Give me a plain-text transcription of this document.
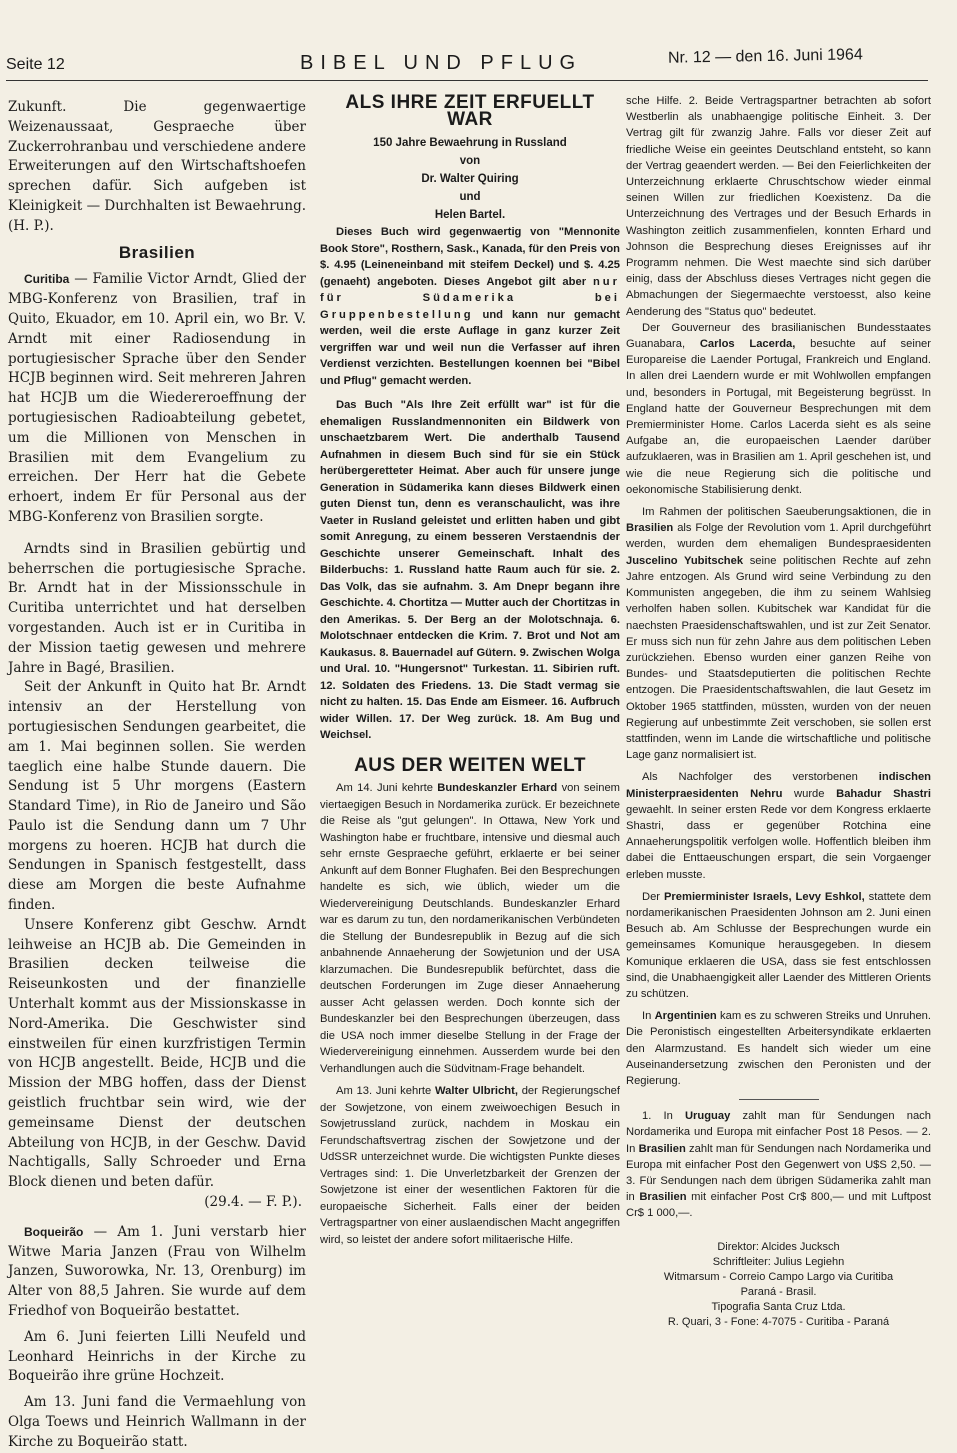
Seite 12	BIBEL UND PFLUG	Nr. 12 — den 16. Juni 1964

Zukunft. Die gegenwaertige Weizenaussaat, Gespraeche über Zuckerrohranbau und verschiedene andere Erweiterungen auf den Wirtschaftshoefen sprechen dafür. Sich aufgeben ist Kleinigkeit — Durchhalten ist Bewaehrung. (H. P.).

Brasilien

Curitiba — Familie Victor Arndt, Glied der MBG-Konferenz von Brasilien, traf in Quito, Ekuador, em 10. April ein, wo Br. V. Arndt mit einer Radiosendung in portugiesischer Sprache über den Sender HCJB beginnen wird. Seit mehreren Jahren hat HCJB um die Wiedereroeffnung der portugiesischen Radioabteilung gebetet, um die Millionen von Menschen in Brasilien mit dem Evangelium zu erreichen. Der Herr hat die Gebete erhoert, indem Er für Personal aus der MBG-Konferenz von Brasilien sorgte.

Arndts sind in Brasilien gebürtig und beherrschen die portugiesische Sprache. Br. Arndt hat in der Missionsschule in Curitiba unterrichtet und hat derselben vorgestanden. Auch ist er in Curitiba in der Mission taetig gewesen und mehrere Jahre in Bagé, Brasilien.

Seit der Ankunft in Quito hat Br. Arndt intensiv an der Herstellung von portugiesischen Sendungen gearbeitet, die am 1. Mai beginnen sollen. Sie werden taeglich eine halbe Stunde dauern. Die Sendung ist 5 Uhr morgens (Eastern Standard Time), in Rio de Janeiro und São Paulo ist die Sendung dann um 7 Uhr morgens zu hoeren. HCJB hat durch die Sendungen in Spanisch festgestellt, dass diese am Morgen die beste Aufnahme finden.

Unsere Konferenz gibt Geschw. Arndt leihweise an HCJB ab. Die Gemeinden in Brasilien decken teilweise die Reiseunkosten und der finanzielle Unterhalt kommt aus der Missionskasse in Nord-Amerika. Die Geschwister sind einstweilen für einen kurzfristigen Termin von HCJB angestellt. Beide, HCJB und die Mission der MBG hoffen, dass der Dienst geistlich fruchtbar sein wird, wie der gemeinsame Dienst der deutschen Abteilung von HCJB, in der Geschw. David Nachtigalls, Sally Schroeder und Erna Block dienen und beten dafür.

(29.4. — F. P.).

Boqueirão — Am 1. Juni verstarb hier Witwe Maria Janzen (Frau von Wilhelm Janzen, Suworowka, Nr. 13, Orenburg) im Alter von 88,5 Jahren. Sie wurde auf dem Friedhof von Boqueirão bestattet.

Am 6. Juni feierten Lilli Neufeld und Leonhard Heinrichs in der Kirche zu Boqueirão ihre grüne Hochzeit.

Am 13. Juni fand die Vermaehlung von Olga Toews und Heinrich Wallmann in der Kirche zu Boqueirão statt.

ALS IHRE ZEIT ERFUELLT WAR
150 Jahre Bewaehrung in Russland
von
Dr. Walter Quiring
und
Helen Bartel.

Dieses Buch wird gegenwaertig von "Mennonite Book Store", Rosthern, Sask., Kanada, für den Preis von $. 4.95 (Leineneinband mit steifem Deckel) und $. 4.25 (genaeht) angeboten. Dieses Angebot gilt aber nur für Südamerika bei Gruppenbestellung und kann nur gemacht werden, weil die erste Auflage in ganz kurzer Zeit vergriffen war und weil nun die Verfasser auf ihren Verdienst verzichten. Bestellungen koennen bei "Bibel und Pflug" gemacht werden.

Das Buch "Als Ihre Zeit erfüllt war" ist für die ehemaligen Russlandmennoniten ein Bildwerk von unschaetzbarem Wert. Die anderthalb Tausend Aufnahmen in diesem Buch sind für sie ein Stück herübergeretteter Heimat. Aber auch für unsere junge Generation in Südamerika kann dieses Bildwerk einen guten Dienst tun, denn es veranschaulicht, was ihre Vaeter in Rusland geleistet und erlitten haben und gibt somit Anregung, zu einem besseren Verstaendnis der Geschichte unserer Gemeinschaft. Inhalt des Bilderbuchs: 1. Russland hatte Raum auch für sie. 2. Das Volk, das sie aufnahm. 3. Am Dnepr begann ihre Geschichte. 4. Chortitza — Mutter auch der Chortitzas in den Amerikas. 5. Der Berg an der Molotschnaja. 6. Molotschnaer entdecken die Krim. 7. Brot und Not am Kaukasus. 8. Bauernadel auf Gütern. 9. Zwischen Wolga und Ural. 10. "Hungersnot" Turkestan. 11. Sibirien ruft. 12. Soldaten des Friedens. 13. Die Stadt vermag sie nicht zu halten. 15. Das Ende am Eismeer. 16. Aufbruch wider Willen. 17. Der Weg zurück. 18. Am Bug und Weichsel.

AUS DER WEITEN WELT

Am 14. Juni kehrte Bundeskanzler Erhard von seinem viertaegigen Besuch in Nordamerika zurück. Er bezeichnete die Reise als "gut gelungen". In Ottawa, New York und Washington habe er fruchtbare, intensive und diesmal auch sehr ernste Gespraeche geführt, erklaerte er bei seiner Ankunft auf dem Bonner Flughafen. Bei den Besprechungen handelte es sich, wie üblich, wieder um die Wiedervereinigung Deutschlands. Bundeskanzler Erhard war es darum zu tun, den nordamerikanischen Verbündeten die Stellung der Bundesrepublik in Bezug auf die sich anbahnende Annaeherung der Sowjetunion und der USA klarzumachen. Die Bundesrepublik befürchtet, dass die deutschen Forderungen im Zuge dieser Annaeherung ausser Acht gelassen werden. Doch konnte sich der Bundeskanzler bei den Besprechungen überzeugen, dass die USA noch immer dieselbe Stellung in der Frage der Wiedervereinigung einnehmen. Ausserdem wurde bei den Verhandlungen auch die Südvitnam-Frage behandelt.

Am 13. Juni kehrte Walter Ulbricht, der Regierungschef der Sowjetzone, von einem zweiwoechigen Besuch in Sowjetrussland zurück, nachdem in Moskau ein Ferundschaftsvertrag zischen der Sowjetzone und der UdSSR unterzeichnet wurde. Die wichtigsten Punkte dieses Vertrages sind: 1. Die Unverletzbarkeit der Grenzen der Sowjetzone ist einer der wesentlichen Faktoren für die europaeische Sicherheit. Falls einer der beiden Vertragspartner von einer auslaendischen Macht angegriffen wird, so leistet der andere sofort militaerische Hilfe.

sche Hilfe. 2. Beide Vertragspartner betrachten ab sofort Westberlin als unabhaengige politische Einheit. 3. Der Vertrag gilt für zwanzig Jahre. Falls vor dieser Zeit auf friedliche Weise ein geeintes Deutschland entsteht, so kann der Vertrag geaendert werden. — Bei den Feierlichkeiten der Unterzeichnung erklaerte Chruschtschow wieder einmal seinen Willen zur friedlichen Koexistenz. Da die Unterzeichnung des Vertrages und der Besuch Erhards in Washington zeitlich zusammenfielen, konnten Erhard und Johnson die Besprechung dieses Ereignisses auf ihr Programm nehmen. Die West maechte sind sich darüber einig, dass der Abschluss dieses Vertrages nicht gegen die Abmachungen der Siegermaechte verstoesst, also keine Aenderung des "Status quo" bedeutet.

Der Gouverneur des brasilianischen Bundesstaates Guanabara, Carlos Lacerda, besuchte auf seiner Europareise die Laender Portugal, Frankreich und England. In allen drei Laendern wurde er mit Wohlwollen empfangen und, besonders in Portugal, mit Begeisterung begrüsst. In England hatte der Gouverneur Besprechungen mit dem Premierminister Home. Carlos Lacerda sieht es als seine Aufgabe an, die europaeischen Laender darüber aufzuklaeren, was in Brasilien am 1. April geschehen ist, und wie die neue Regierung sich die politische und oekonomische Stabilisierung denkt.

Im Rahmen der politischen Saeuberungsaktionen, die in Brasilien als Folge der Revolution vom 1. April durchgeführt werden, wurden dem ehemaligen Bundespraesidenten Juscelino Yubitschek seine politischen Rechte auf zehn Jahre entzogen. Als Grund wird seine Verbindung zu den Kommunisten angegeben, die ihm zu seinem Wahlsieg verholfen haben sollen. Kubitschek war Kandidat für die naechsten Praesidenschaftswahlen, und ist zur Zeit Senator. Er muss sich nun für zehn Jahre aus dem politischen Leben zurückziehen. Ebenso wurden einer ganzen Reihe von Bundes- und Staatsdeputierten die politischen Rechte entzogen. Die Praesidentschaftswahlen, die laut Gesetz im Oktober 1965 stattfinden, müssten, wurden von der neuen Regierung auf unbestimmte Zeit verschoben, sie sollen erst stattfinden, wenn im Lande die wirtschaftliche und politische Lage ganz normalisiert ist.

Als Nachfolger des verstorbenen indischen Ministerpraesidenten Nehru wurde Bahadur Shastri gewaehlt. In seiner ersten Rede vor dem Kongress erklaerte Shastri, dass er gegenüber Rotchina eine Annaeherungspolitik verfolgen wolle. Hoffentlich bleiben ihm dabei die Enttaeuschungen erspart, die sein Vorgaenger erleben musste.

Der Premierminister Israels, Levy Eshkol, stattete dem nordamerikanischen Praesidenten Johnson am 2. Juni einen Besuch ab. Am Schlusse der Besprechungen wurde ein gemeinsames Komunique herausgegeben. In diesem Komunique erklaeren die USA, dass sie fest entschlossen sind, die Unabhaengigkeit aller Laender des Mittleren Orients zu schützen.

In Argentinien kam es zu schweren Streiks und Unruhen. Die Peronistisch eingestellten Arbeitersyndikate erklaerten den Alarmzustand. Es handelt sich wieder um eine Auseinandersetzung zwischen den Peronisten und der Regierung.

1. In Uruguay zahlt man für Sendungen nach Nordamerika und Europa mit einfacher Post 18 Pesos. — 2. In Brasilien zahlt man für Sendungen nach Nordamerika und Europa mit einfacher Post den Gegenwert von U$S 2,50. — 3. Für Sendungen nach dem übrigen Südamerika zahlt man in Brasilien mit einfacher Post Cr$ 800,— und mit Luftpost Cr$ 1 000,—.

Direktor: Alcides Jucksch
Schriftleiter: Julius Legiehn
Witmarsum - Correio Campo Largo via Curitiba
Paraná - Brasil.
Tipografia Santa Cruz Ltda.
R. Quari, 3 - Fone: 4-7075 - Curitiba - Paraná
